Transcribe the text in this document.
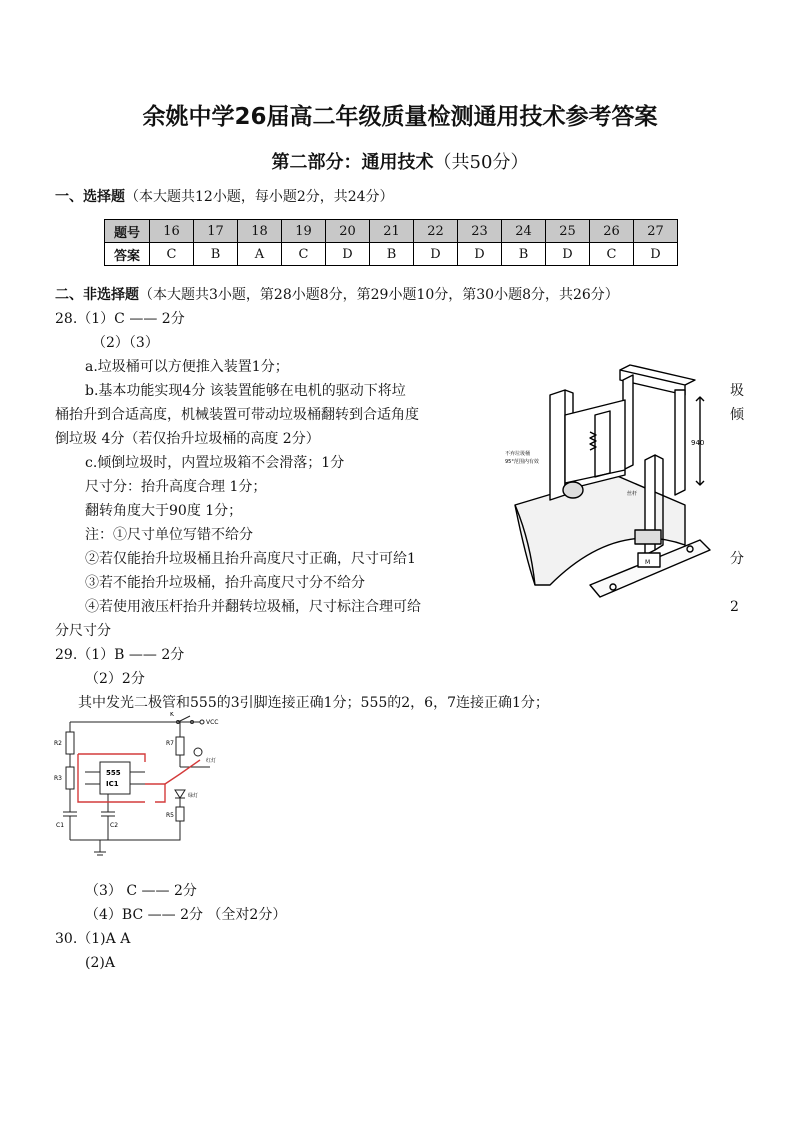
余姚中学26届高二年级质量检测通用技术参考答案
第二部分：通用技术（共50分）
一、选择题（本大题共12小题，每小题2分，共24分）
题号	16	17	18	19	20	21	22	23	24	25	26	27
答案	C	B	A	C	D	B	D	D	B	D	C	D
二、非选择题（本大题共3小题，第28小题8分，第29小题10分，第30小题8分，共26分）
28.（1）C —— 2分
（2）（3）
a.垃圾桶可以方便推入装置1分；
b.基本功能实现4分 该装置能够在电机的驱动下将垃	圾
桶抬升到合适高度，机械装置可带动垃圾桶翻转到合适角度	倾
倒垃圾 4分（若仅抬升垃圾桶的高度 2分）
c.倾倒垃圾时，内置垃圾箱不会滑落；1分
尺寸分：抬升高度合理 1分；
翻转角度大于90度 1分；
注：①尺寸单位写错不给分
②若仅能抬升垃圾桶且抬升高度尺寸正确，尺寸可给1	分
③若不能抬升垃圾桶，抬升高度尺寸分不给分
④若使用液压杆抬升并翻转垃圾桶，尺寸标注合理可给	2
分尺寸分
940
不弃垃圾桶
95°范围内有效
丝杆
M
29.（1）B —— 2分
（2）2分
其中发光二极管和555的3引脚连接正确1分；555的2，6，7连接正确1分；
K
VCC
R7
R2
R3
R5
555
IC1
C1	C2
绿灯
红灯
（3） C —— 2分
（4）BC —— 2分 （全对2分）
30.（1)A A
(2)A
